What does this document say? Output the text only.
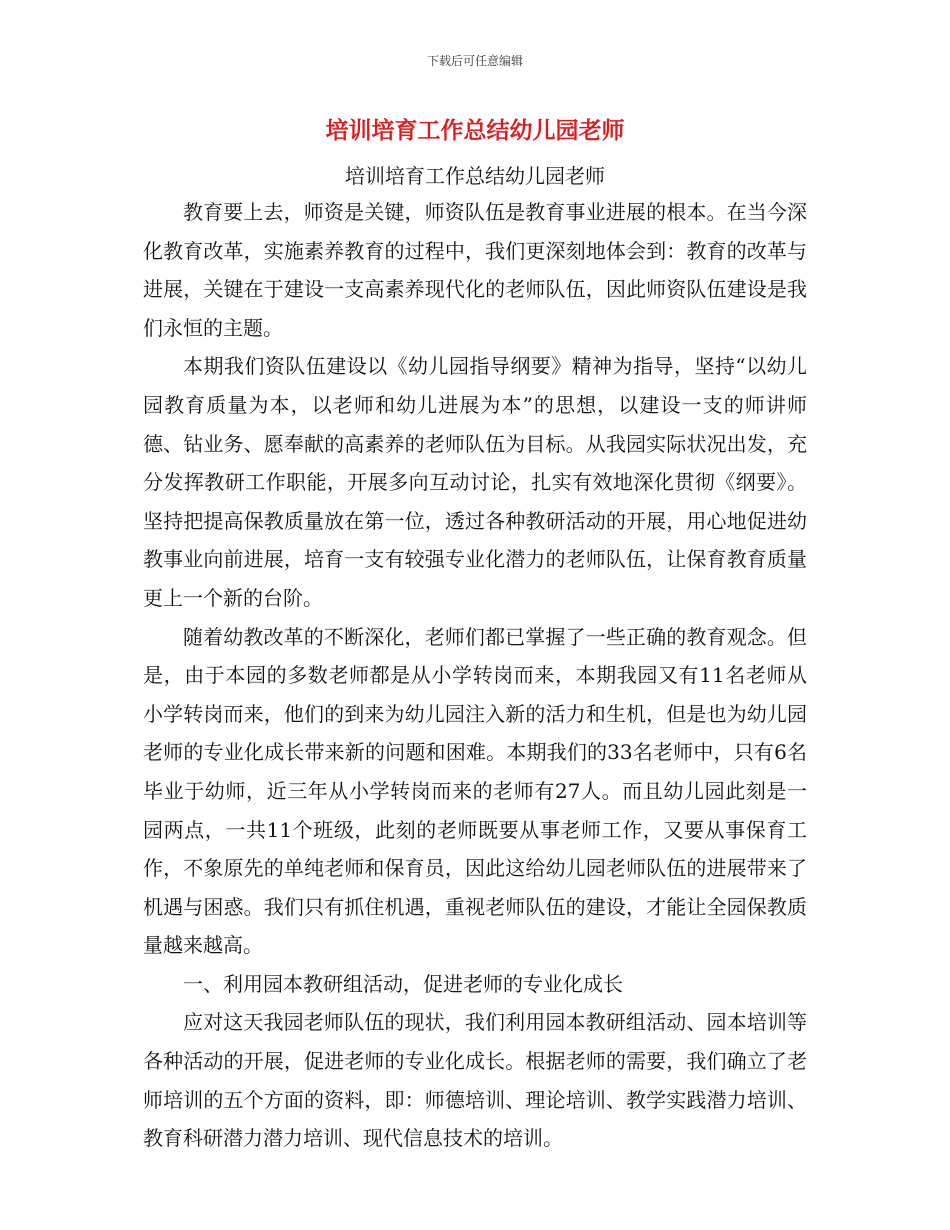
下载后可任意编辑
培训培育工作总结幼儿园老师
培训培育工作总结幼儿园老师

教育要上去，师资是关键，师资队伍是教育事业进展的根本。在当今深化教育改革，实施素养教育的过程中，我们更深刻地体会到：教育的改革与进展，关键在于建设一支高素养现代化的老师队伍，因此师资队伍建设是我们永恒的主题。

本期我们资队伍建设以《幼儿园指导纲要》精神为指导，坚持“以幼儿园教育质量为本，以老师和幼儿进展为本”的思想，以建设一支的师讲师德、钻业务、愿奉献的高素养的老师队伍为目标。从我园实际状况出发，充分发挥教研工作职能，开展多向互动讨论，扎实有效地深化贯彻《纲要》。坚持把提高保教质量放在第一位，透过各种教研活动的开展，用心地促进幼教事业向前进展，培育一支有较强专业化潜力的老师队伍，让保育教育质量更上一个新的台阶。

随着幼教改革的不断深化，老师们都已掌握了一些正确的教育观念。但是，由于本园的多数老师都是从小学转岗而来，本期我园又有11名老师从小学转岗而来，他们的到来为幼儿园注入新的活力和生机，但是也为幼儿园老师的专业化成长带来新的问题和困难。本期我们的33名老师中，只有6名毕业于幼师，近三年从小学转岗而来的老师有27人。而且幼儿园此刻是一园两点，一共11个班级，此刻的老师既要从事老师工作，又要从事保育工作，不象原先的单纯老师和保育员，因此这给幼儿园老师队伍的进展带来了机遇与困惑。我们只有抓住机遇，重视老师队伍的建设，才能让全园保教质量越来越高。

一、利用园本教研组活动，促进老师的专业化成长

应对这天我园老师队伍的现状，我们利用园本教研组活动、园本培训等各种活动的开展，促进老师的专业化成长。根据老师的需要，我们确立了老师培训的五个方面的资料，即：师德培训、理论培训、教学实践潜力培训、教育科研潜力潜力培训、现代信息技术的培训。
